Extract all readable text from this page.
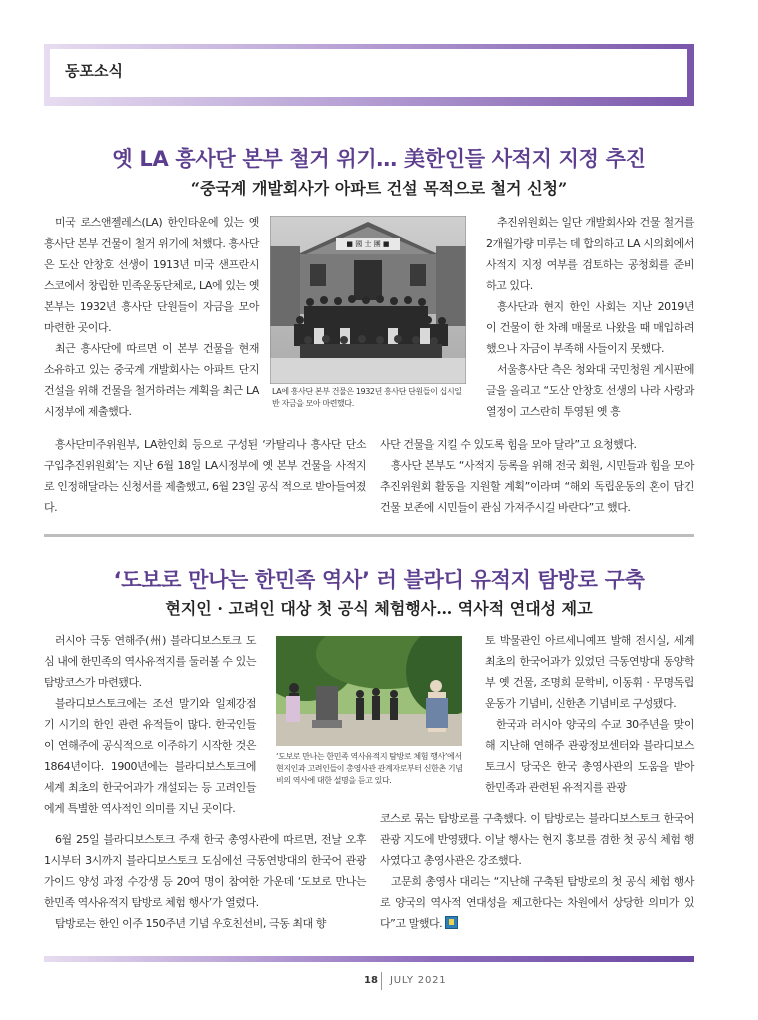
동포소식
옛 LA 흥사단 본부 철거 위기… 美한인들 사적지 지정 추진
“중국계 개발회사가 아파트 건설 목적으로 철거 신청”

미국 로스앤젤레스(LA) 한인타운에 있는 옛 흥사단 본부 건물이 철거 위기에 처했다. 흥사단은 도산 안창호 선생이 1913년 미국 샌프란시스코에서 창립한 민족운동단체로, LA에 있는 옛 본부는 1932년 흥사단 단원들이 자금을 모아 마련한 곳이다.

최근 흥사단에 따르면 이 본부 건물을 현재 소유하고 있는 중국계 개발회사는 아파트 단지 건설을 위해 건물을 철거하려는 계획을 최근 LA 시정부에 제출했다.

■ 國 士 團 ■
LA에 흥사단 본부 건물은 1932년 흥사단 단원들이 십시일반 자금을 모아 마련했다.

추진위원회는 일단 개발회사와 건물 철거를 2개월가량 미루는 데 합의하고 LA 시의회에서 사적지 지정 여부를 검토하는 공청회를 준비하고 있다.

흥사단과 현지 한인 사회는 지난 2019년 이 건물이 한 차례 매물로 나왔을 때 매입하려 했으나 자금이 부족해 사들이지 못했다.

서울흥사단 측은 청와대 국민청원 게시판에 글을 올리고 “도산 안창호 선생의 나라 사랑과 열정이 고스란히 투영된 옛 흥

흥사단미주위원부, LA한인회 등으로 구성된 ‘카탈리나 흥사단 단소 구입추진위원회’는 지난 6월 18일 LA시정부에 옛 본부 건물을 사적지로 인정해달라는 신청서를 제출했고, 6월 23일 공식 적으로 받아들여졌다.

사단 건물을 지킬 수 있도록 힘을 모아 달라”고 요청했다.

흥사단 본부도 “사적지 등록을 위해 전국 회원, 시민들과 힘을 모아 추진위원회 활동을 지원할 계획”이라며 “해외 독립운동의 혼이 담긴 건물 보존에 시민들이 관심 가져주시길 바란다”고 했다.

‘도보로 만나는 한민족 역사’ 러 블라디 유적지 탐방로 구축
현지인 · 고려인 대상 첫 공식 체험행사… 역사적 연대성 제고

러시아 극동 연해주(州) 블라디보스토크 도심 내에 한민족의 역사유적지를 둘러볼 수 있는 탐방코스가 마련됐다.

블라디보스토크에는 조선 말기와 일제강점기 시기의 한인 관련 유적들이 많다. 한국인들이 연해주에 공식적으로 이주하기 시작한 것은 1864년이다. 1900년에는 블라디보스토크에 세계 최초의 한국어과가 개설되는 등 고려인들에게 특별한 역사적인 의미를 지닌 곳이다.

‘도보로 만나는 한민족 역사유적지 탐방로 체험 행사’에서 현지인과 고려인들이 총영사관 관계자로부터 신한촌 기념비의 역사에 대한 설명을 듣고 있다.

토 박물관인 아르세니예프 발해 전시실, 세계 최초의 한국어과가 있었던 극동연방대 동양학부 옛 건물, 조명희 문학비, 이동휘 · 무명독립운동가 기념비, 신한촌 기념비로 구성됐다.

한국과 러시아 양국의 수교 30주년을 맞이해 지난해 연해주 관광정보센터와 블라디보스토크시 당국은 한국 총영사관의 도움을 받아 한민족과 관련된 유적지를 관광

6월 25일 블라디보스토크 주재 한국 총영사관에 따르면, 전날 오후 1시부터 3시까지 블라디보스토크 도심에선 극동연방대의 한국어 관광가이드 양성 과정 수강생 등 20여 명이 참여한 가운데 ‘도보로 만나는 한민족 역사유적지 탐방로 체험 행사’가 열렸다.

탐방로는 한인 이주 150주년 기념 우호친선비, 극동 최대 향

코스로 묶는 탐방로를 구축했다. 이 탐방로는 블라디보스토크 한국어 관광 지도에 반영됐다. 이날 행사는 현지 홍보를 겸한 첫 공식 체험 행사였다고 총영사관은 강조했다.

고문희 총영사 대리는 “지난해 구축된 탐방로의 첫 공식 체험 행사로 양국의 역사적 연대성을 제고한다는 차원에서 상당한 의미가 있다”고 말했다.

18 JULY 2021
